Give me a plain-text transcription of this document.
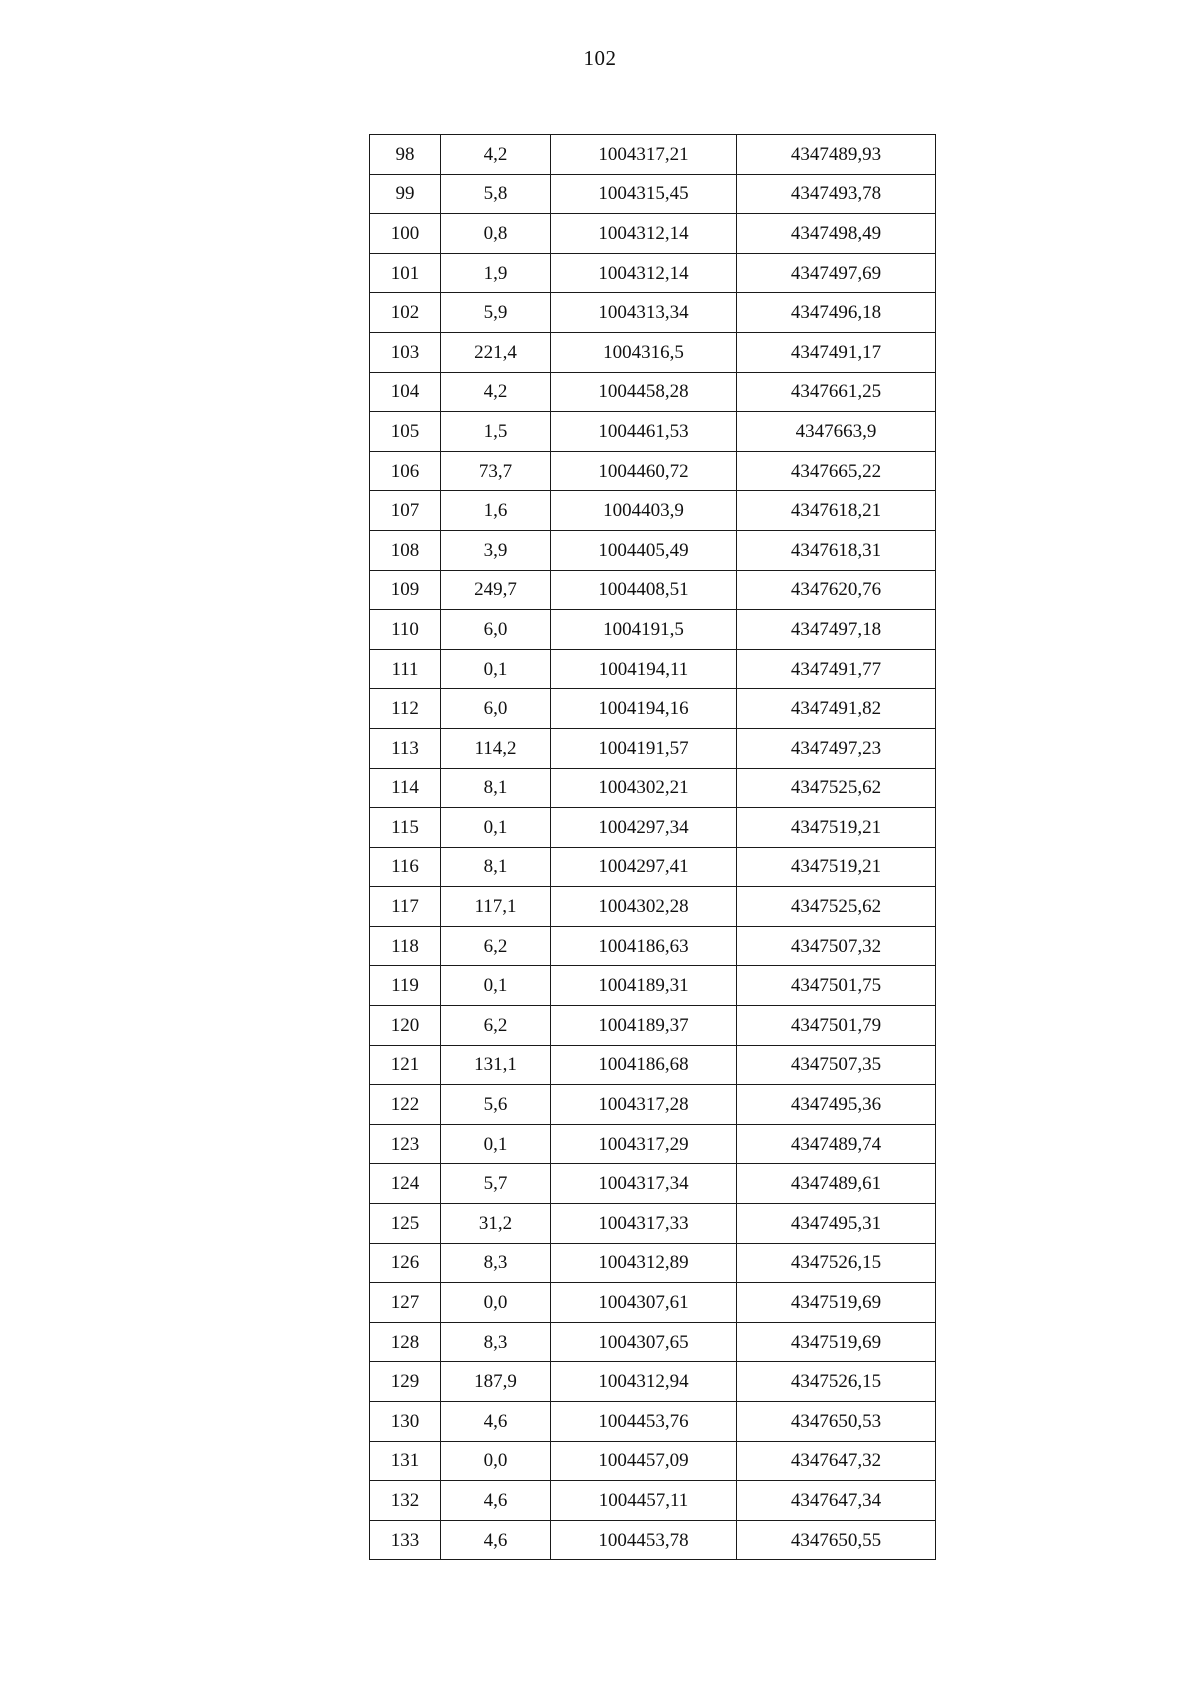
102
98	4,2	1004317,21	4347489,93
99	5,8	1004315,45	4347493,78
100	0,8	1004312,14	4347498,49
101	1,9	1004312,14	4347497,69
102	5,9	1004313,34	4347496,18
103	221,4	1004316,5	4347491,17
104	4,2	1004458,28	4347661,25
105	1,5	1004461,53	4347663,9
106	73,7	1004460,72	4347665,22
107	1,6	1004403,9	4347618,21
108	3,9	1004405,49	4347618,31
109	249,7	1004408,51	4347620,76
110	6,0	1004191,5	4347497,18
111	0,1	1004194,11	4347491,77
112	6,0	1004194,16	4347491,82
113	114,2	1004191,57	4347497,23
114	8,1	1004302,21	4347525,62
115	0,1	1004297,34	4347519,21
116	8,1	1004297,41	4347519,21
117	117,1	1004302,28	4347525,62
118	6,2	1004186,63	4347507,32
119	0,1	1004189,31	4347501,75
120	6,2	1004189,37	4347501,79
121	131,1	1004186,68	4347507,35
122	5,6	1004317,28	4347495,36
123	0,1	1004317,29	4347489,74
124	5,7	1004317,34	4347489,61
125	31,2	1004317,33	4347495,31
126	8,3	1004312,89	4347526,15
127	0,0	1004307,61	4347519,69
128	8,3	1004307,65	4347519,69
129	187,9	1004312,94	4347526,15
130	4,6	1004453,76	4347650,53
131	0,0	1004457,09	4347647,32
132	4,6	1004457,11	4347647,34
133	4,6	1004453,78	4347650,55
